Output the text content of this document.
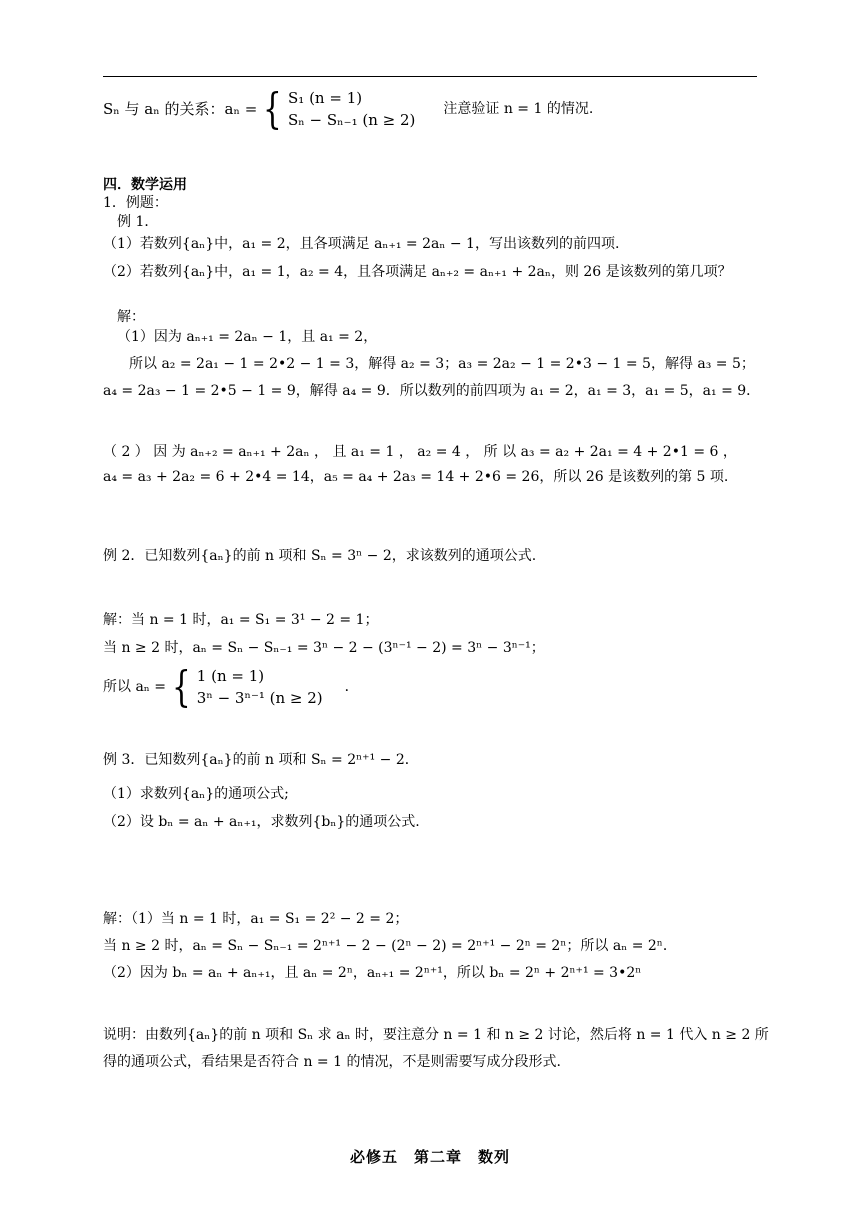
Sₙ 与 aₙ 的关系：aₙ = { S₁ (n = 1)
Sₙ − Sₙ₋₁ (n ≥ 2)
注意验证 n = 1 的情况.
四．数学运用
1．例题：
例 1．
（1）若数列{aₙ}中，a₁ = 2，且各项满足 aₙ₊₁ = 2aₙ − 1，写出该数列的前四项.
（2）若数列{aₙ}中，a₁ = 1，a₂ = 4，且各项满足 aₙ₊₂ = aₙ₊₁ + 2aₙ，则 26 是该数列的第几项？
解：
（1）因为 aₙ₊₁ = 2aₙ − 1，且 a₁ = 2，
所以 a₂ = 2a₁ − 1 = 2•2 − 1 = 3，解得 a₂ = 3；a₃ = 2a₂ − 1 = 2•3 − 1 = 5，解得 a₃ = 5；
a₄ = 2a₃ − 1 = 2•5 − 1 = 9，解得 a₄ = 9．所以数列的前四项为 a₁ = 2，a₁ = 3，a₁ = 5，a₁ = 9．
（ 2 ） 因 为 aₙ₊₂ = aₙ₊₁ + 2aₙ ， 且 a₁ = 1 ， a₂ = 4 ， 所 以 a₃ = a₂ + 2a₁ = 4 + 2•1 = 6 ，
a₄ = a₃ + 2a₂ = 6 + 2•4 = 14，a₅ = a₄ + 2a₃ = 14 + 2•6 = 26，所以 26 是该数列的第 5 项.
例 2．已知数列{aₙ}的前 n 项和 Sₙ = 3ⁿ − 2，求该数列的通项公式.
解：当 n = 1 时，a₁ = S₁ = 3¹ − 2 = 1；
当 n ≥ 2 时，aₙ = Sₙ − Sₙ₋₁ = 3ⁿ − 2 − (3ⁿ⁻¹ − 2) = 3ⁿ − 3ⁿ⁻¹；
所以 aₙ = { 1 (n = 1)
3ⁿ − 3ⁿ⁻¹ (n ≥ 2)
．
例 3．已知数列{aₙ}的前 n 项和 Sₙ = 2ⁿ⁺¹ − 2．
（1）求数列{aₙ}的通项公式;
（2）设 bₙ = aₙ + aₙ₊₁，求数列{bₙ}的通项公式.
解：（1）当 n = 1 时，a₁ = S₁ = 2² − 2 = 2；
当 n ≥ 2 时，aₙ = Sₙ − Sₙ₋₁ = 2ⁿ⁺¹ − 2 − (2ⁿ − 2) = 2ⁿ⁺¹ − 2ⁿ = 2ⁿ；所以 aₙ = 2ⁿ．
（2）因为 bₙ = aₙ + aₙ₊₁，且 aₙ = 2ⁿ，aₙ₊₁ = 2ⁿ⁺¹，所以 bₙ = 2ⁿ + 2ⁿ⁺¹ = 3•2ⁿ
说明：由数列{aₙ}的前 n 项和 Sₙ 求 aₙ 时，要注意分 n = 1 和 n ≥ 2 讨论，然后将 n = 1 代入 n ≥ 2 所
得的通项公式，看结果是否符合 n = 1 的情况，不是则需要写成分段形式.
必修五　第二章　数列
